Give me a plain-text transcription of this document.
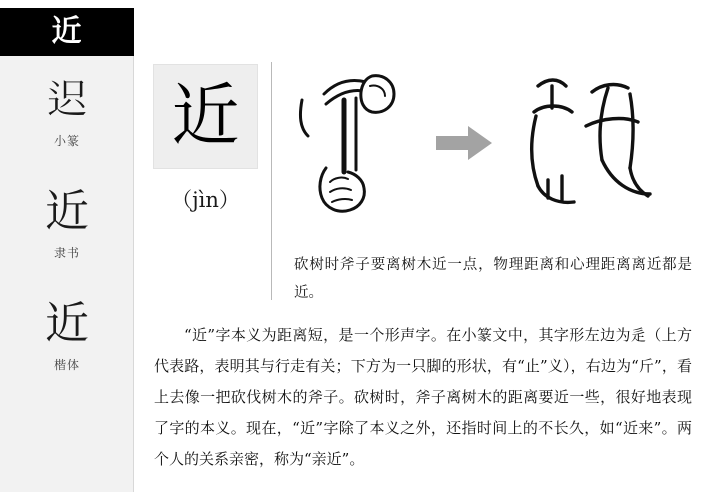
近
𨒅
小篆
近
隶书
近
楷体
近
（jìn）
砍树时斧子要离树木近一点，物理距离和心理距离离近都是近。
“近”字本义为距离短，是一个形声字。在小篆文中，其字形左边为辵（上方代表路，表明其与行走有关；下方为一只脚的形状，有“止”义），右边为“斤”，看上去像一把砍伐树木的斧子。砍树时，斧子离树木的距离要近一些，很好地表现了字的本义。现在，“近”字除了本义之外，还指时间上的不长久，如“近来”。两个人的关系亲密，称为“亲近”。
